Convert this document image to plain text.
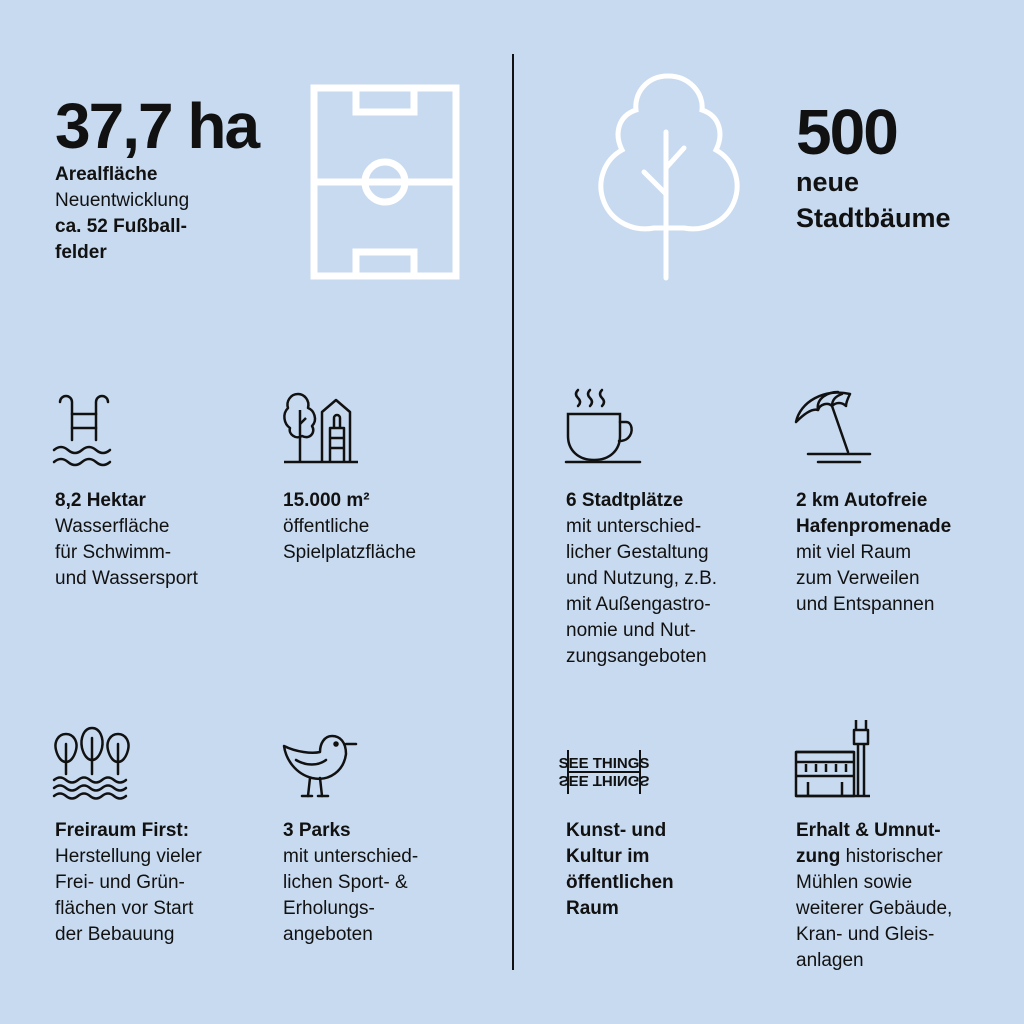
37,7 ha
Arealfläche
Neuentwicklung
ca. 52 Fußball-
felder
500
neue
Stadtbäume
8,2 Hektar
Wasserfläche
für Schwimm-
und Wassersport
15.000 m²
öffentliche
Spielplatzfläche
6 Stadtplätze
mit unterschied-
licher Gestaltung
und Nutzung, z.B.
mit Außengastro-
nomie und Nut-
zungsangeboten
2 km Autofreie
Hafenpromenade
mit viel Raum
zum Verweilen
und Entspannen
SEE THINGS
SEE THINGS
Freiraum First:
Herstellung vieler
Frei- und Grün-
flächen vor Start
der Bebauung
3 Parks
mit unterschied-
lichen Sport- &
Erholungs-
angeboten
Kunst- und
Kultur im
öffentlichen
Raum
Erhalt & Umnut-
zung historischer
Mühlen sowie
weiterer Gebäude,
Kran- und Gleis-
anlagen
